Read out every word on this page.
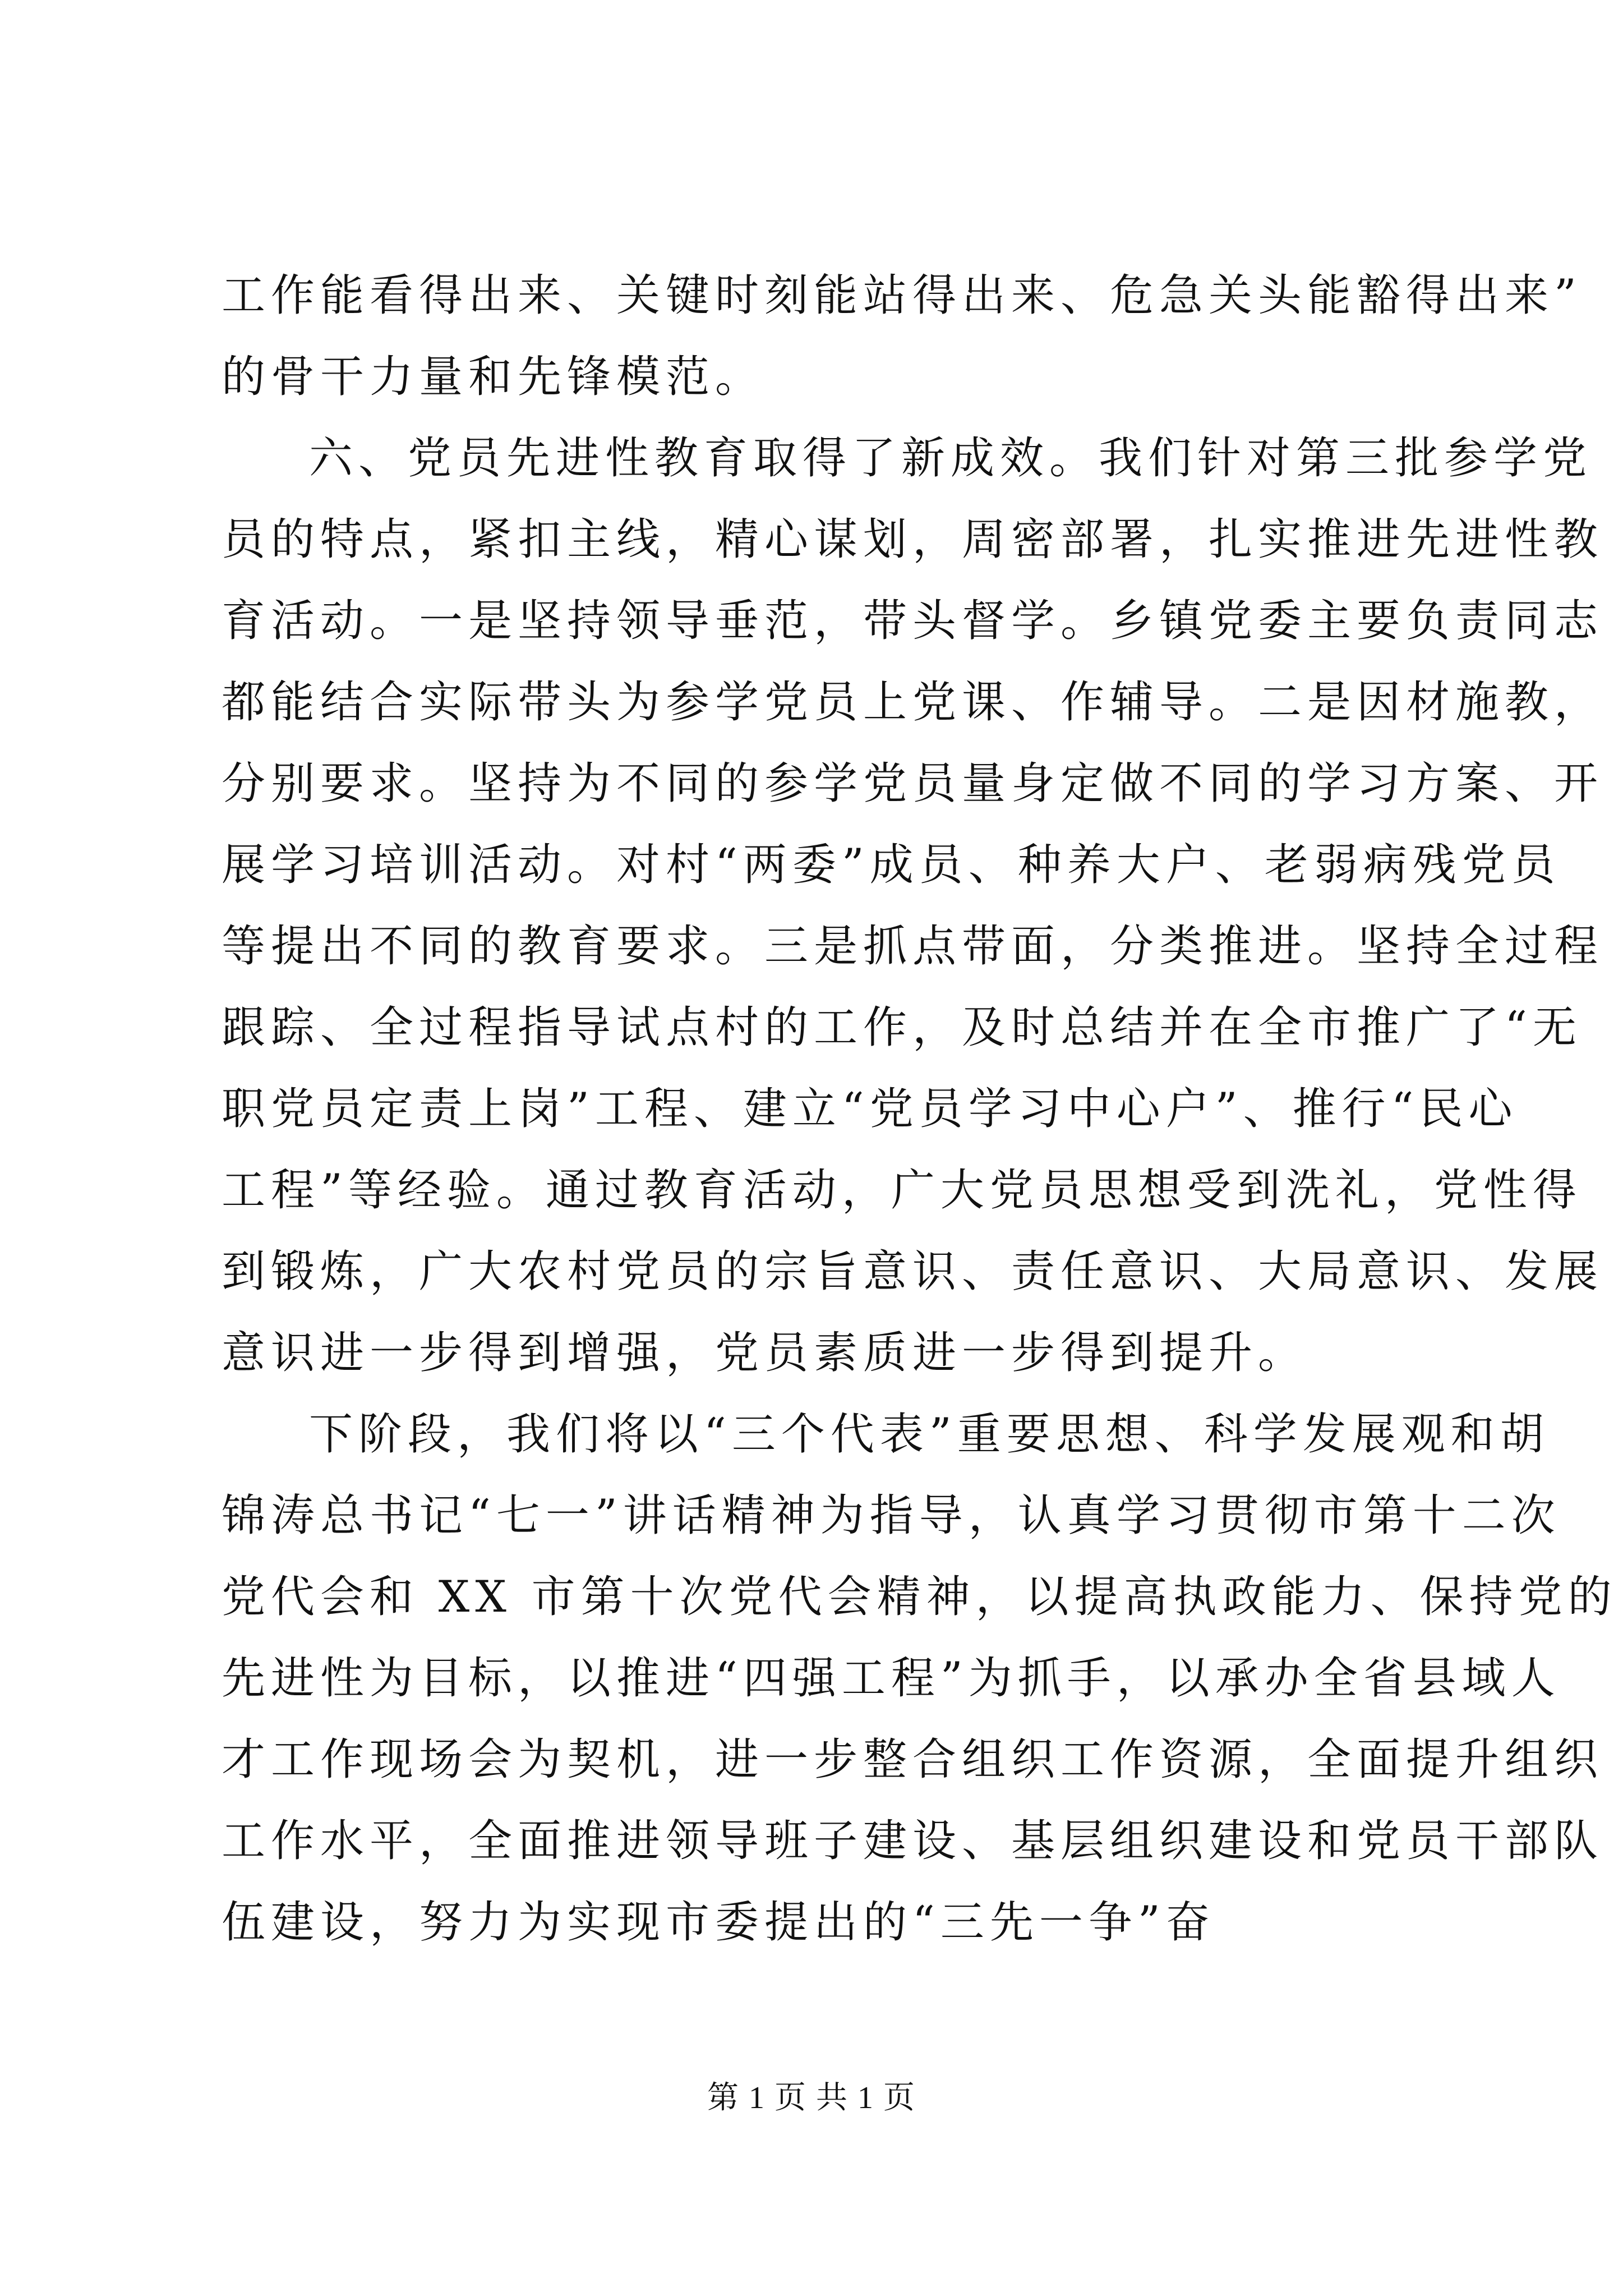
工作能看得出来、关键时刻能站得出来、危急关头能豁得出来”
的骨干力量和先锋模范。
六、党员先进性教育取得了新成效。我们针对第三批参学党
员的特点，紧扣主线，精心谋划，周密部署，扎实推进先进性教
育活动。一是坚持领导垂范，带头督学。乡镇党委主要负责同志
都能结合实际带头为参学党员上党课、作辅导。二是因材施教，
分别要求。坚持为不同的参学党员量身定做不同的学习方案、开
展学习培训活动。对村“两委”成员、种养大户、老弱病残党员
等提出不同的教育要求。三是抓点带面，分类推进。坚持全过程
跟踪、全过程指导试点村的工作，及时总结并在全市推广了“无
职党员定责上岗”工程、建立“党员学习中心户”、推行“民心
工程”等经验。通过教育活动，广大党员思想受到洗礼，党性得
到锻炼，广大农村党员的宗旨意识、责任意识、大局意识、发展
意识进一步得到增强，党员素质进一步得到提升。
下阶段，我们将以“三个代表”重要思想、科学发展观和胡
锦涛总书记“七一”讲话精神为指导，认真学习贯彻市第十二次
党代会和 XX 市第十次党代会精神，以提高执政能力、保持党的
先进性为目标，以推进“四强工程”为抓手，以承办全省县域人
才工作现场会为契机，进一步整合组织工作资源，全面提升组织
工作水平，全面推进领导班子建设、基层组织建设和党员干部队
伍建设，努力为实现市委提出的“三先一争”奋
第 1 页 共 1 页
